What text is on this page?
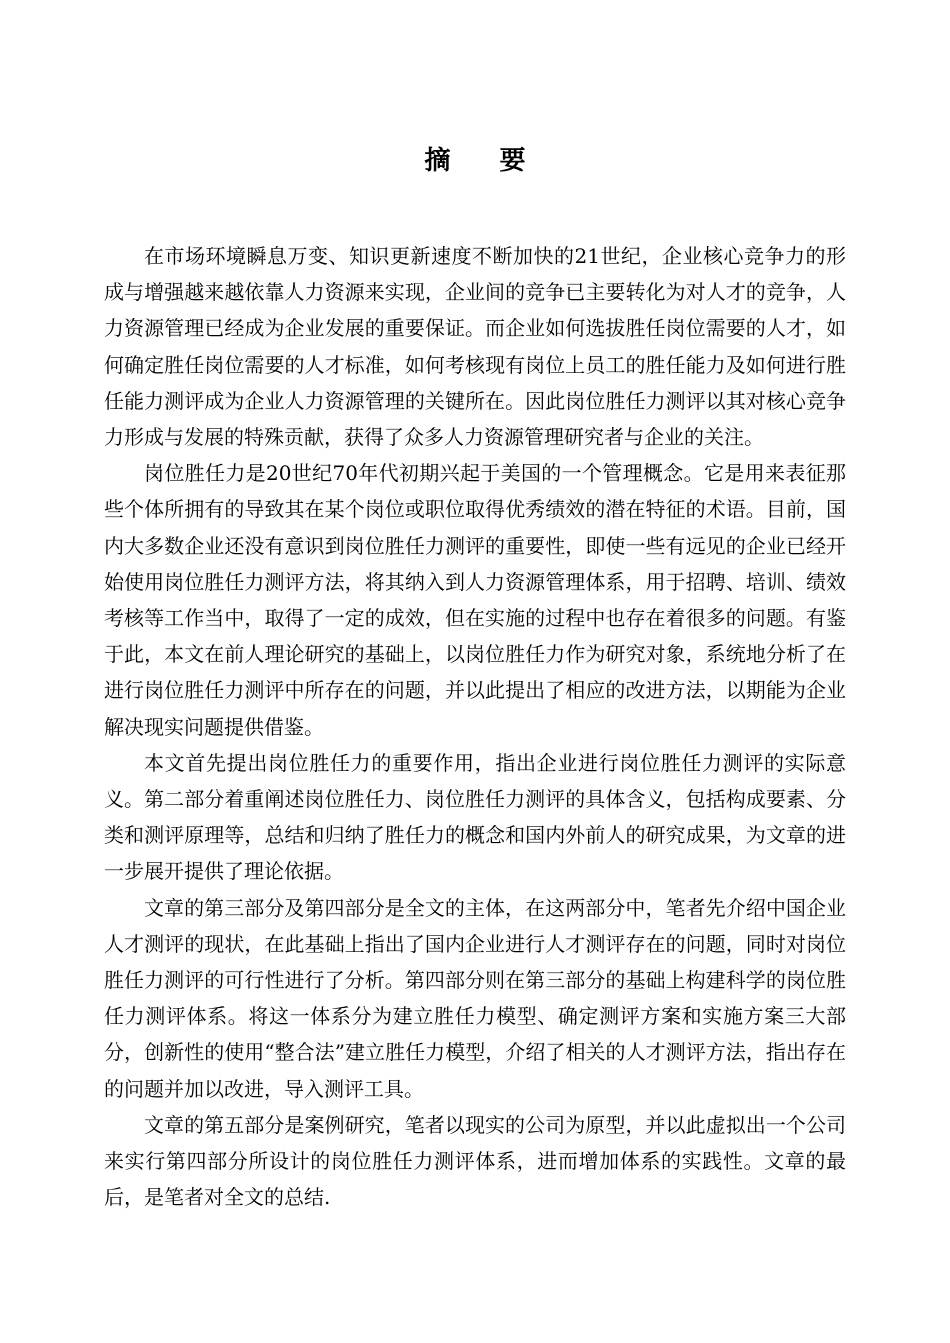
摘 要

在市场环境瞬息万变、知识更新速度不断加快的21世纪，企业核心竞争力的形成与增强越来越依靠人力资源来实现，企业间的竞争已主要转化为对人才的竞争，人力资源管理已经成为企业发展的重要保证。而企业如何选拔胜任岗位需要的人才，如何确定胜任岗位需要的人才标准，如何考核现有岗位上员工的胜任能力及如何进行胜任能力测评成为企业人力资源管理的关键所在。因此岗位胜任力测评以其对核心竞争力形成与发展的特殊贡献，获得了众多人力资源管理研究者与企业的关注。

岗位胜任力是20世纪70年代初期兴起于美国的一个管理概念。它是用来表征那些个体所拥有的导致其在某个岗位或职位取得优秀绩效的潜在特征的术语。目前，国内大多数企业还没有意识到岗位胜任力测评的重要性，即使一些有远见的企业已经开始使用岗位胜任力测评方法，将其纳入到人力资源管理体系，用于招聘、培训、绩效考核等工作当中，取得了一定的成效，但在实施的过程中也存在着很多的问题。有鉴于此，本文在前人理论研究的基础上，以岗位胜任力作为研究对象，系统地分析了在进行岗位胜任力测评中所存在的问题，并以此提出了相应的改进方法，以期能为企业解决现实问题提供借鉴。

本文首先提出岗位胜任力的重要作用，指出企业进行岗位胜任力测评的实际意义。第二部分着重阐述岗位胜任力、岗位胜任力测评的具体含义，包括构成要素、分类和测评原理等，总结和归纳了胜任力的概念和国内外前人的研究成果，为文章的进一步展开提供了理论依据。

文章的第三部分及第四部分是全文的主体，在这两部分中，笔者先介绍中国企业人才测评的现状，在此基础上指出了国内企业进行人才测评存在的问题，同时对岗位胜任力测评的可行性进行了分析。第四部分则在第三部分的基础上构建科学的岗位胜任力测评体系。将这一体系分为建立胜任力模型、确定测评方案和实施方案三大部分，创新性的使用“整合法”建立胜任力模型，介绍了相关的人才测评方法，指出存在的问题并加以改进，导入测评工具。

文章的第五部分是案例研究，笔者以现实的公司为原型，并以此虚拟出一个公司来实行第四部分所设计的岗位胜任力测评体系，进而增加体系的实践性。文章的最后，是笔者对全文的总结.
